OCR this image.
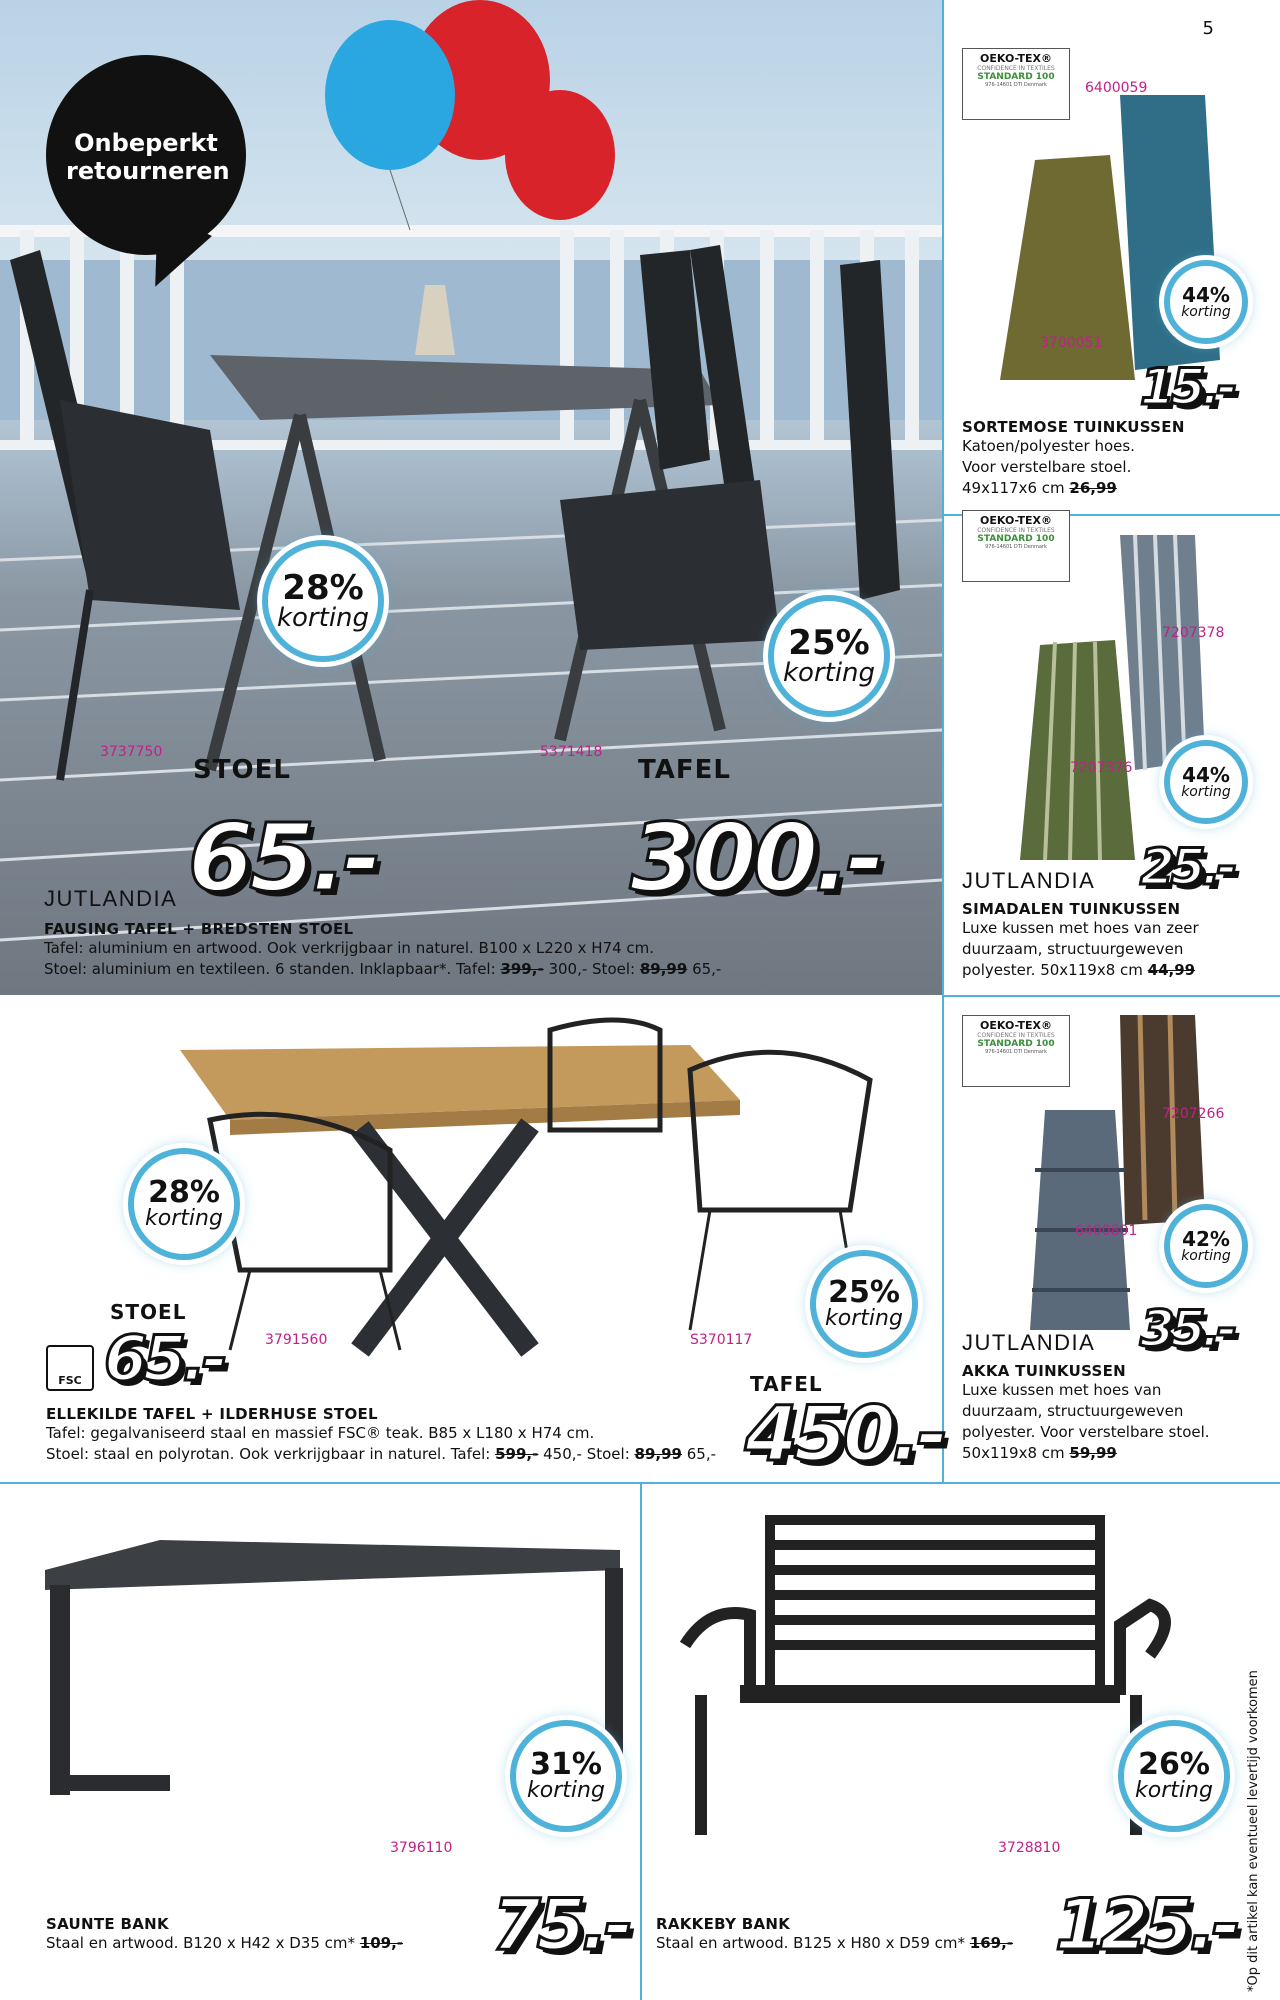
5
Onbeperkt retourneren
28%
korting
25%
korting
3737750	5371418
STOEL	TAFEL
65.-	300.-
JUTLANDIA
FAUSING TAFEL + BREDSTEN STOEL
Tafel: aluminium en artwood. Ook verkrijgbaar in naturel. B100 x L220 x H74 cm.
Stoel: aluminium en textileen. 6 standen. Inklapbaar*. Tafel: 399,- 300,- Stoel: 89,99 65,-
OEKO-TEX®
CONFIDENCE IN TEXTILES
STANDARD 100
976-14601 DTI Denmark	6400059
3700051
44%
korting
15.-
SORTEMOSE TUINKUSSEN
Katoen/polyester hoes.
Voor verstelbare stoel.
49x117x6 cm 26,99
OEKO-TEX®
CONFIDENCE IN TEXTILES
STANDARD 100
976-14601 DTI Denmark
7207378
7207376 44%
korting
JUTLANDIA 25.-
SIMADALEN TUINKUSSEN
Luxe kussen met hoes van zeer
duurzaam, structuurgeweven
polyester. 50x119x8 cm 44,99
OEKO-TEX®
CONFIDENCE IN TEXTILES
STANDARD 100
976-14601 DTI Denmark
7207266
6400801 42%
korting
JUTLANDIA 35.-
AKKA TUINKUSSEN
Luxe kussen met hoes van
duurzaam, structuurgeweven
polyester. Voor verstelbare stoel.
50x119x8 cm 59,99
28%
korting
25%
korting
STOEL
3791560	S370117
FSC 65.-	TAFEL
450.-
ELLEKILDE TAFEL + ILDERHUSE STOEL
Tafel: gegalvaniseerd staal en massief FSC® teak. B85 x L180 x H74 cm.
Stoel: staal en polyrotan. Ook verkrijgbaar in naturel. Tafel: 599,- 450,- Stoel: 89,99 65,-
31%
korting
3796110
75.-
SAUNTE BANK
Staal en artwood. B120 x H42 x D35 cm* 109,-
26%
korting
3728810
125.-
RAKKEBY BANK
Staal en artwood. B125 x H80 x D59 cm* 169,-	*Op dit artikel kan eventueel levertijd voorkomen
